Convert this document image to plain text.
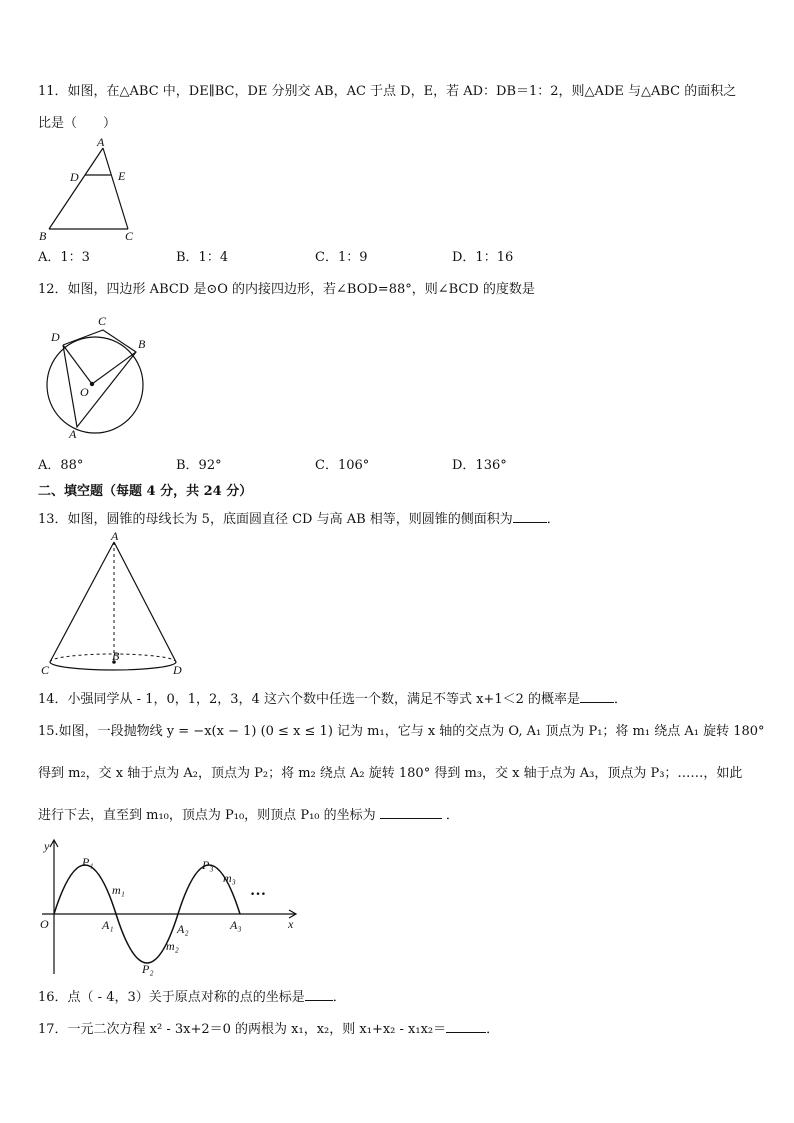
11．如图，在△ABC 中，DE∥BC，DE 分别交 AB，AC 于点 D，E，若 AD：DB＝1：2，则△ADE 与△ABC 的面积之
比是（　　）
A
D	E
B	C
A．1：3	B．1：4	C．1：9	D．1：16
12．如图，四边形 ABCD 是⊙O 的内接四边形，若∠BOD=88°，则∠BCD 的度数是
C
D	B
O
A
A．88°	B．92°	C．106°	D．136°
二、填空题（每题 4 分，共 24 分）
13．如图，圆锥的母线长为 5，底面圆直径 CD 与高 AB 相等，则圆锥的侧面积为	．
A
B
C	D
14．小强同学从 - 1，0，1，2，3，4 这六个数中任选一个数，满足不等式 x+1＜2 的概率是	．
15.如图，一段抛物线 y = −x(x − 1) (0 ≤ x ≤ 1) 记为 m₁，它与 x 轴的交点为 O, A₁ 顶点为 P₁；将 m₁ 绕点 A₁ 旋转 180°
得到 m₂，交 x 轴于点为 A₂，顶点为 P₂；将 m₂ 绕点 A₂ 旋转 180° 得到 m₃，交 x 轴于点为 A₃，顶点为 P₃；……，如此
进行下去，直至到 m₁₀，顶点为 P₁₀，则顶点 P₁₀ 的坐标为	．
y
x
O	A₁	A₂	A₃
P₁
P₂
P₃
m₁
m₂
m₃
…
16．点（ - 4，3）关于原点对称的点的坐标是 ．
17．一元二次方程 x² - 3x+2＝0 的两根为 x₁，x₂，则 x₁+x₂ - x₁x₂＝	．
